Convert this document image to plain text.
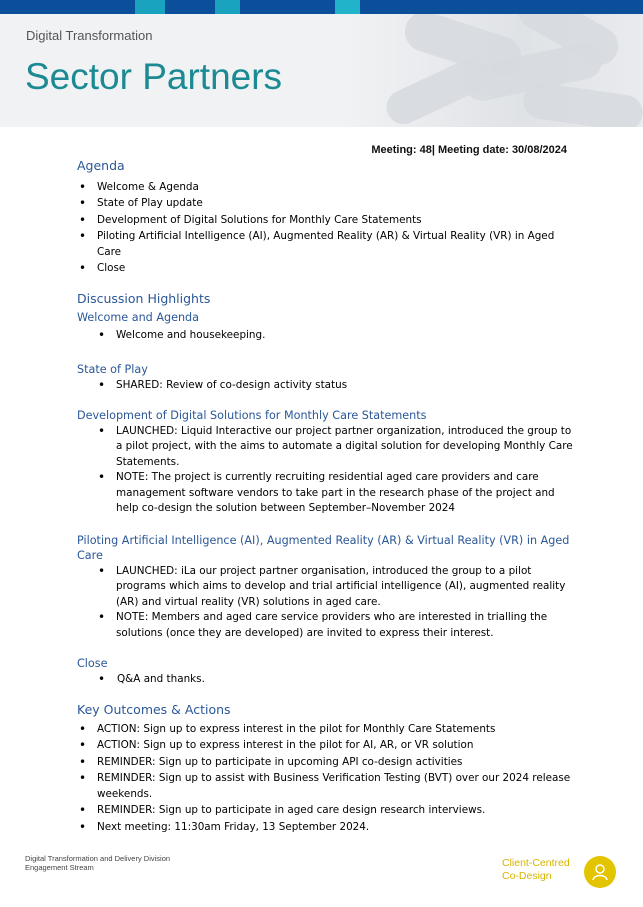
Digital Transformation
Sector Partners
Meeting: 48| Meeting date: 30/08/2024
Agenda
• Welcome & Agenda
• State of Play update
• Development of Digital Solutions for Monthly Care Statements
• Piloting Artificial Intelligence (AI), Augmented Reality (AR) & Virtual Reality (VR) in Aged Care
• Close
Discussion Highlights
Welcome and Agenda
• Welcome and housekeeping.
State of Play
• SHARED: Review of co-design activity status
Development of Digital Solutions for Monthly Care Statements
• LAUNCHED: Liquid Interactive our project partner organization, introduced the group to a pilot project, with the aims to automate a digital solution for developing Monthly Care Statements.
• NOTE: The project is currently recruiting residential aged care providers and care management software vendors to take part in the research phase of the project and help co-design the solution between September–November 2024
Piloting Artificial Intelligence (AI), Augmented Reality (AR) & Virtual Reality (VR) in Aged Care
• LAUNCHED: iLa our project partner organisation, introduced the group to a pilot programs which aims to develop and trial artificial intelligence (AI), augmented reality (AR) and virtual reality (VR) solutions in aged care.
• NOTE: Members and aged care service providers who are interested in trialling the solutions (once they are developed) are invited to express their interest.
Close
• Q&A and thanks.
Key Outcomes & Actions
• ACTION: Sign up to express interest in the pilot for Monthly Care Statements
• ACTION: Sign up to express interest in the pilot for AI, AR, or VR solution
• REMINDER: Sign up to participate in upcoming API co-design activities
• REMINDER: Sign up to assist with Business Verification Testing (BVT) over our 2024 release weekends.
• REMINDER: Sign up to participate in aged care design research interviews.
• Next meeting: 11:30am Friday, 13 September 2024.
Digital Transformation and Delivery Division
Engagement Stream	Client-Centred
Co-Design
